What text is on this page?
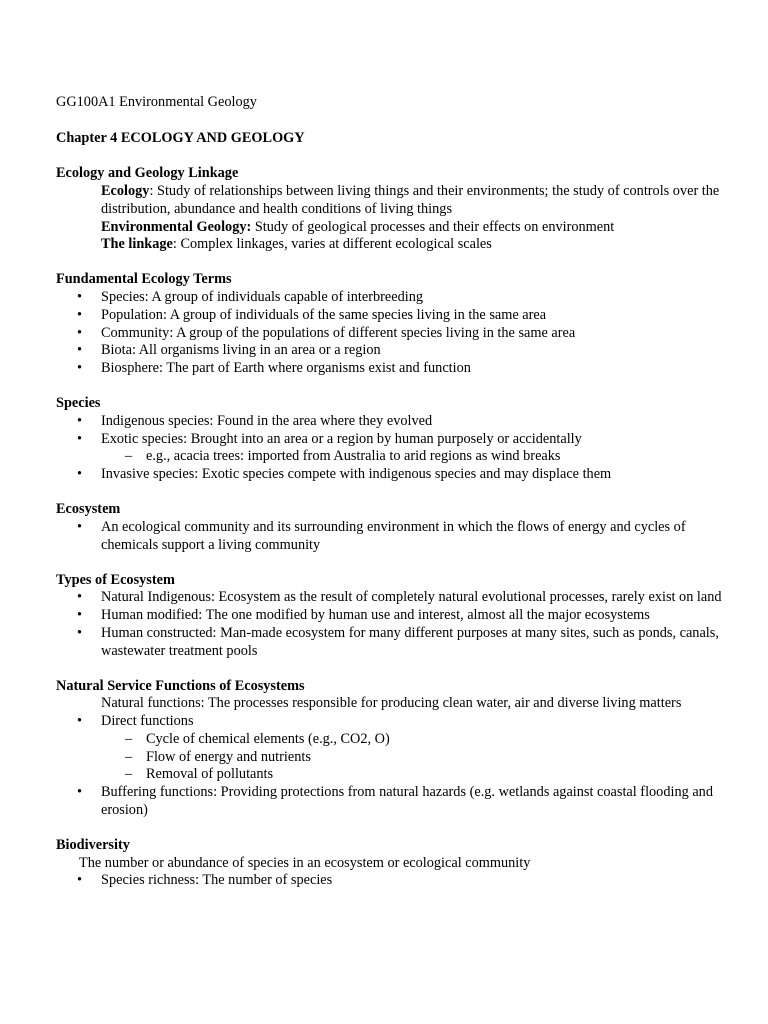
GG100A1 Environmental Geology

Chapter 4 ECOLOGY AND GEOLOGY

Ecology and Geology Linkage

Ecology: Study of relationships between living things and their environments; the study of controls over the distribution, abundance and health conditions of living things

Environmental Geology: Study of geological processes and their effects on environment

The linkage: Complex linkages, varies at different ecological scales

Fundamental Ecology Terms

• Species: A group of individuals capable of interbreeding
• Population: A group of individuals of the same species living in the same area
• Community: A group of the populations of different species living in the same area
• Biota: All organisms living in an area or a region
• Biosphere: The part of Earth where organisms exist and function

Species

• Indigenous species: Found in the area where they evolved
• Exotic species: Brought into an area or a region by human purposely or accidentally
– e.g., acacia trees: imported from Australia to arid regions as wind breaks
• Invasive species: Exotic species compete with indigenous species and may displace them

Ecosystem

• An ecological community and its surrounding environment in which the flows of energy and cycles of chemicals support a living community

Types of Ecosystem

• Natural Indigenous: Ecosystem as the result of completely natural evolutional processes, rarely exist on land
• Human modified: The one modified by human use and interest, almost all the major ecosystems
• Human constructed: Man-made ecosystem for many different purposes at many sites, such as ponds, canals, wastewater treatment pools

Natural Service Functions of Ecosystems

Natural functions: The processes responsible for producing clean water, air and diverse living matters

• Direct functions
– Cycle of chemical elements (e.g., CO2, O)
– Flow of energy and nutrients
– Removal of pollutants
• Buffering functions: Providing protections from natural hazards (e.g. wetlands against coastal flooding and erosion)

Biodiversity

The number or abundance of species in an ecosystem or ecological community

• Species richness: The number of species
